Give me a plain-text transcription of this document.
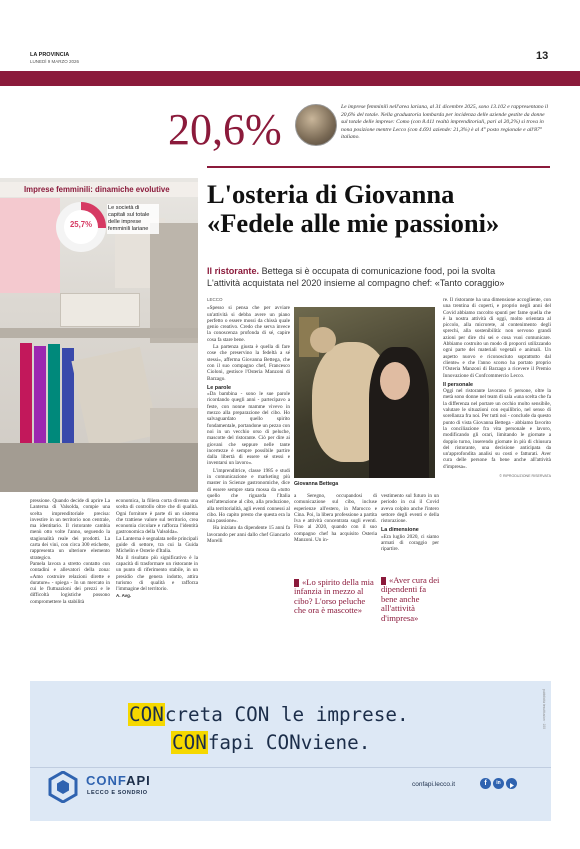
LA PROVINCIA
LUNEDÌ 9 MARZO 2026	13
20,6%	Le imprese femminili nell'area lariana, al 31 dicembre 2025, sono 13.102 e rappresentano il 20,6% del totale. Nella graduatoria lombarda per incidenza delle aziende gestite da donne sul totale delle imprese: Como (con 8.411 realtà imprenditoriali, pari al 20,2%) si trova in nona posizione mentre Lecco (con 4.691 aziende: 21,3%) è al 4° posto regionale e all'87° italiano.
Imprese femminili: dinamiche evolutive
25,7%
Le società di capitali sul totale delle imprese femminili lariane
L'osteria di Giovanna
«Fedele alle mie passioni»
Il ristorante. Bettega si è occupata di comunicazione food, poi la svolta
L'attività acquistata nel 2020 insieme al compagno chef: «Tanto coraggio»
LECCO

«Spesso si pensa che per avviare un'attività si debba avere un piano perfetto o essere mossi da chissà quale genio creativo. Credo che serva invece la conoscenza profonda di sé, capire cosa fa stare bene.

La partenza giusta è quella di fare cose che preservino la fedeltà a sé stessi», afferma Giovanna Bettega, che con il suo compagno chef, Francesco Cioloni, gestisce l'Osteria Manzoni di Barzago.

Le parole

«Da bambina - sono le sue parole ricordando quegli anni - partecipavo a feste, con nonne mamme vivevo in mezzo alla preparazione del cibo. Ho salvaguardato quello spirito fondamentale, portandone un pezzo con noi in un vecchio orso di peluche, mascotte del ristorante. Ciò per dire ai giovani che seppure nelle tante incertezze è sempre possibile partire dalla libertà di essere sé stessi e inventarsi un lavoro».

L'imprenditrice, classe 1985 e studi in comunicazione e marketing più master in Scienze gastronomiche, dice di essere sempre stata mossa da «tutto quello che riguarda l'Italia nell'attenzione al cibo, alla produzione, alla territorialità, agli eventi connessi al cibo. Ho capito presto che questa era la mia passione».

Ha iniziato da dipendente 15 anni fa lavorando per anni dallo chef Giancarlo Morelli

Giovanna Bettega

a Seregno, occupandosi di comunicazione sul cibo, incluse esperienze all'estero, in Marocco e Cina. Poi, la libera professione a partita Iva e attività concentrata sugli eventi. Fino al 2020, quando con il suo compagno chef ha acquisito Osteria Manzoni. Un in-

vestimento sul futuro in un periodo in cui il Covid aveva colpito anche l'intero settore degli eventi e della ristorazione.

La dimensione

«Era luglio 2020, ci siamo armati di coraggio per ripartire.

«Lo spirito della mia infanzia in mezzo al cibo? L'orso peluche che ora è mascotte»
«Aver cura dei dipendenti fa bene anche all'attività d'impresa»

re. Il ristorante ha una dimensione accogliente, con una trentina di coperti, e proprio negli anni del Covid abbiamo raccolto spunti per fame quella che è la nostra attività di oggi, molto orientata al piccolo, alla microrete, al contenimento degli sprechi, alla sostenibilità: non servono grandi azioni per dire chi sei e cosa vuoi comunicare. Abbiamo costruito un modo di proporci utilizzando ogni parte dei materiali vegetali e animali. Un aspetto nuovo e riconosciuto soprattutto dal cliente» e che l'anno scorso ha portato proprio l'Osteria Manzoni di Barzago a ricevere il Premio Innovazione di Confcommercio Lecco.

Il personale

Oggi nel ristorante lavorano 6 persone, oltre la metà sono donne nel team di sala «una scelta che fa la differenza nel portare un occhio molto sensibile, valutare le situazioni con equilibrio, nel senso di sorellanza fra noi. Per tutti noi - conclude da questo punto di vista Giovanna Bettega - abbiamo favorito la conciliazione fra vita personale e lavoro, modificando gli orari, limitando le giornate a doppio turno, inserendo giornate in più di chiusura del ristorante, una decisione anticipata da un'approfondita analisi su costi e fatturati. Aver cura delle persone fa bene anche all'attività d'impresa».

© RIPRODUZIONE RISERVATA
pressione. Quando decide di aprire La Lanterna di Valsolda, compie una scelta imprenditoriale precisa: investire in un territorio non centrale, ma identitario. Il ristorante cambia menù otto volte l'anno, seguendo la stagionalità reale dei prodotti. La carta dei vini, con circa 300 etichette, rappresenta un ulteriore elemento strategico.
Pamela lavora a stretto contatto con contadini e allevatori della zona: «Amo costruire relazioni dirette e durature» - spiega - In un mercato in cui le fluttuazioni dei prezzi e le difficoltà logistiche possono compromettere la stabilità

economica, la filiera corta diventa una scelta di controllo oltre che di qualità. Ogni fornitore è parte di un sistema che trattiene valore sul territorio, crea economia circolare e rafforza l'identità gastronomica della Valsolda».
La Lanterna è segnalata nelle principali guide di settore, tra cui la Guida Michelin e Osterie d'Italia.
Ma il risultato più significativo è la capacità di trasformare un ristorante in un punto di riferimento stabile, in un presidio che genera indotto, attira turismo di qualità e rafforza l'immagine del territorio.

A. Avg.
pubblicità tesuttiusion · 100
CONcreta CON le imprese.
CONfapi CONviene.
CONFAPI
LECCO E SONDRIO
confapi.lecco.it	f	in
